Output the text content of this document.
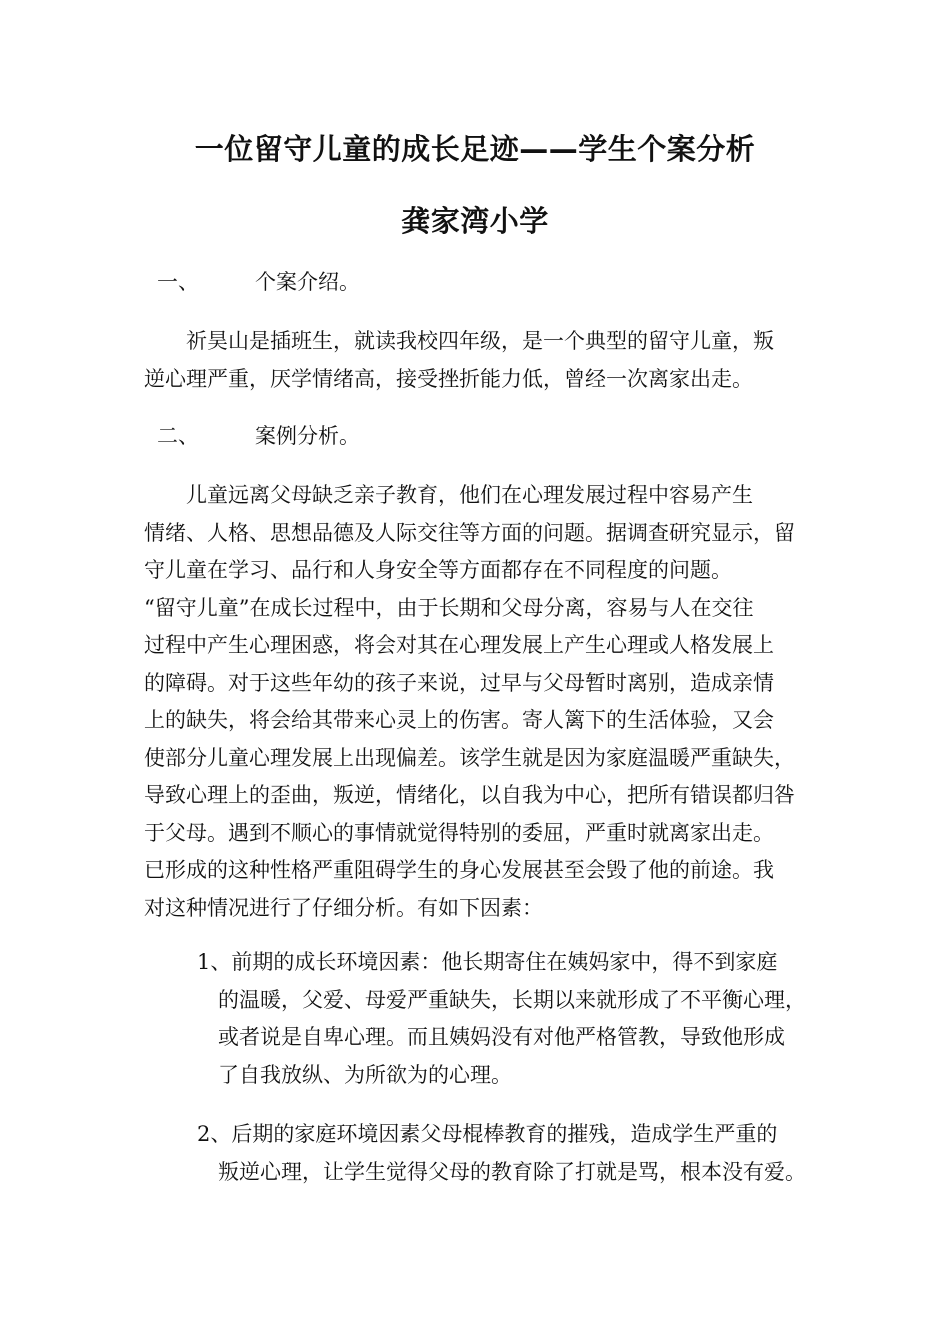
一位留守儿童的成长足迹——学生个案分析
龚家湾小学
一、	个案介绍。
　　祈昊山是插班生，就读我校四年级，是一个典型的留守儿童，叛
逆心理严重，厌学情绪高，接受挫折能力低，曾经一次离家出走。
二、	案例分析。
　　儿童远离父母缺乏亲子教育，他们在心理发展过程中容易产生
情绪、人格、思想品德及人际交往等方面的问题。据调查研究显示，留
守儿童在学习、品行和人身安全等方面都存在不同程度的问题。
“留守儿童”在成长过程中，由于长期和父母分离，容易与人在交往
过程中产生心理困惑，将会对其在心理发展上产生心理或人格发展上
的障碍。对于这些年幼的孩子来说，过早与父母暂时离别，造成亲情
上的缺失，将会给其带来心灵上的伤害。寄人篱下的生活体验，又会
使部分儿童心理发展上出现偏差。该学生就是因为家庭温暖严重缺失，
导致心理上的歪曲，叛逆，情绪化，以自我为中心，把所有错误都归咎
于父母。遇到不顺心的事情就觉得特别的委屈，严重时就离家出走。
已形成的这种性格严重阻碍学生的身心发展甚至会毁了他的前途。我
对这种情况进行了仔细分析。有如下因素：
1、前期的成长环境因素：他长期寄住在姨妈家中，得不到家庭
　的温暖，父爱、母爱严重缺失，长期以来就形成了不平衡心理，
　或者说是自卑心理。而且姨妈没有对他严格管教，导致他形成
　了自我放纵、为所欲为的心理。
2、后期的家庭环境因素父母棍棒教育的摧残，造成学生严重的
　叛逆心理，让学生觉得父母的教育除了打就是骂，根本没有爱。
